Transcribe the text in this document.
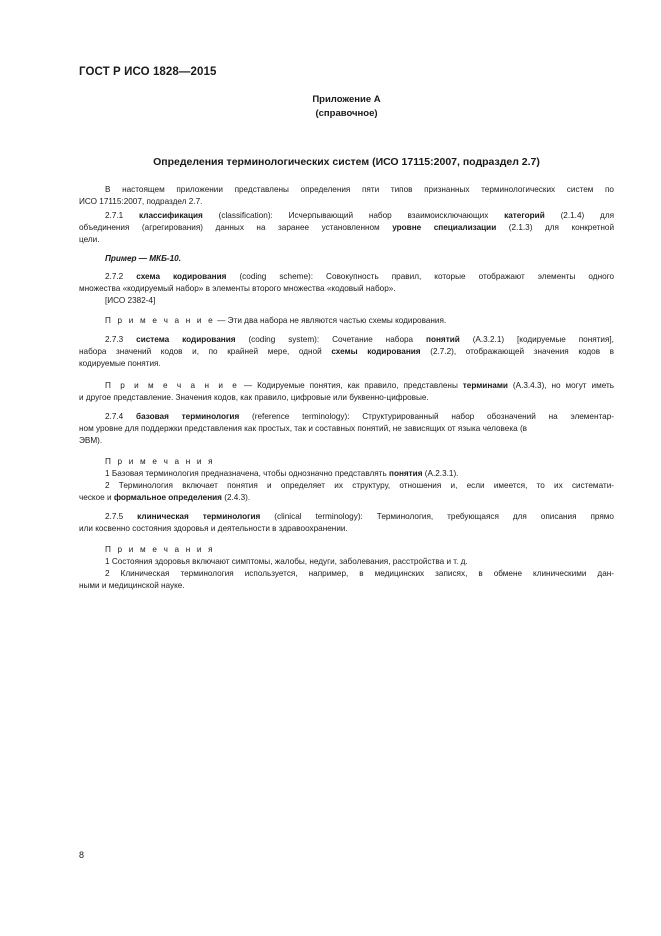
ГОСТ Р ИСО 1828—2015
Приложение А
(справочное)
Определения терминологических систем (ИСО 17115:2007, подраздел 2.7)
В настоящем приложении представлены определения пяти типов признанных терминологических систем по
ИСО 17115:2007, подраздел 2.7.
2.7.1 классификация (classification): Исчерпывающий набор взаимоисключающих категорий (2.1.4) для
объединения (агрегирования) данных на заранее установленном уровне специализации (2.1.3) для конкретной
цели.
Пример — МКБ-10.
2.7.2 схема кодирования (coding scheme): Совокупность правил, которые отображают элементы одного
множества «кодируемый набор» в элементы второго множества «кодовый набор».
[ИСО 2382-4]
П р и м е ч а н и е — Эти два набора не являются частью схемы кодирования.
2.7.3 система кодирования (coding system): Сочетание набора понятий (А.3.2.1) [кодируемые понятия],
набора значений кодов и, по крайней мере, одной схемы кодирования (2.7.2), отображающей значения кодов в
кодируемые понятия.
П р и м е ч а н и е — Кодируемые понятия, как правило, представлены терминами (А.3.4.3), но могут иметь
и другое представление. Значения кодов, как правило, цифровые или буквенно-цифровые.
2.7.4 базовая терминология (reference terminology): Структурированный набор обозначений на элементар-
ном уровне для поддержки представления как простых, так и составных понятий, не зависящих от языка человека (в
ЭВМ).
П р и м е ч а н и я
1 Базовая терминология предназначена, чтобы однозначно представлять понятия (А.2.3.1).
2 Терминология включает понятия и определяет их структуру, отношения и, если имеется, то их системати-
ческое и формальное определения (2.4.3).
2.7.5 клиническая терминология (clinical terminology): Терминология, требующаяся для описания прямо
или косвенно состояния здоровья и деятельности в здравоохранении.
П р и м е ч а н и я
1 Состояния здоровья включают симптомы, жалобы, недуги, заболевания, расстройства и т. д.
2 Клиническая терминология используется, например, в медицинских записях, в обмене клиническими дан-
ными и медицинской науке.
8
